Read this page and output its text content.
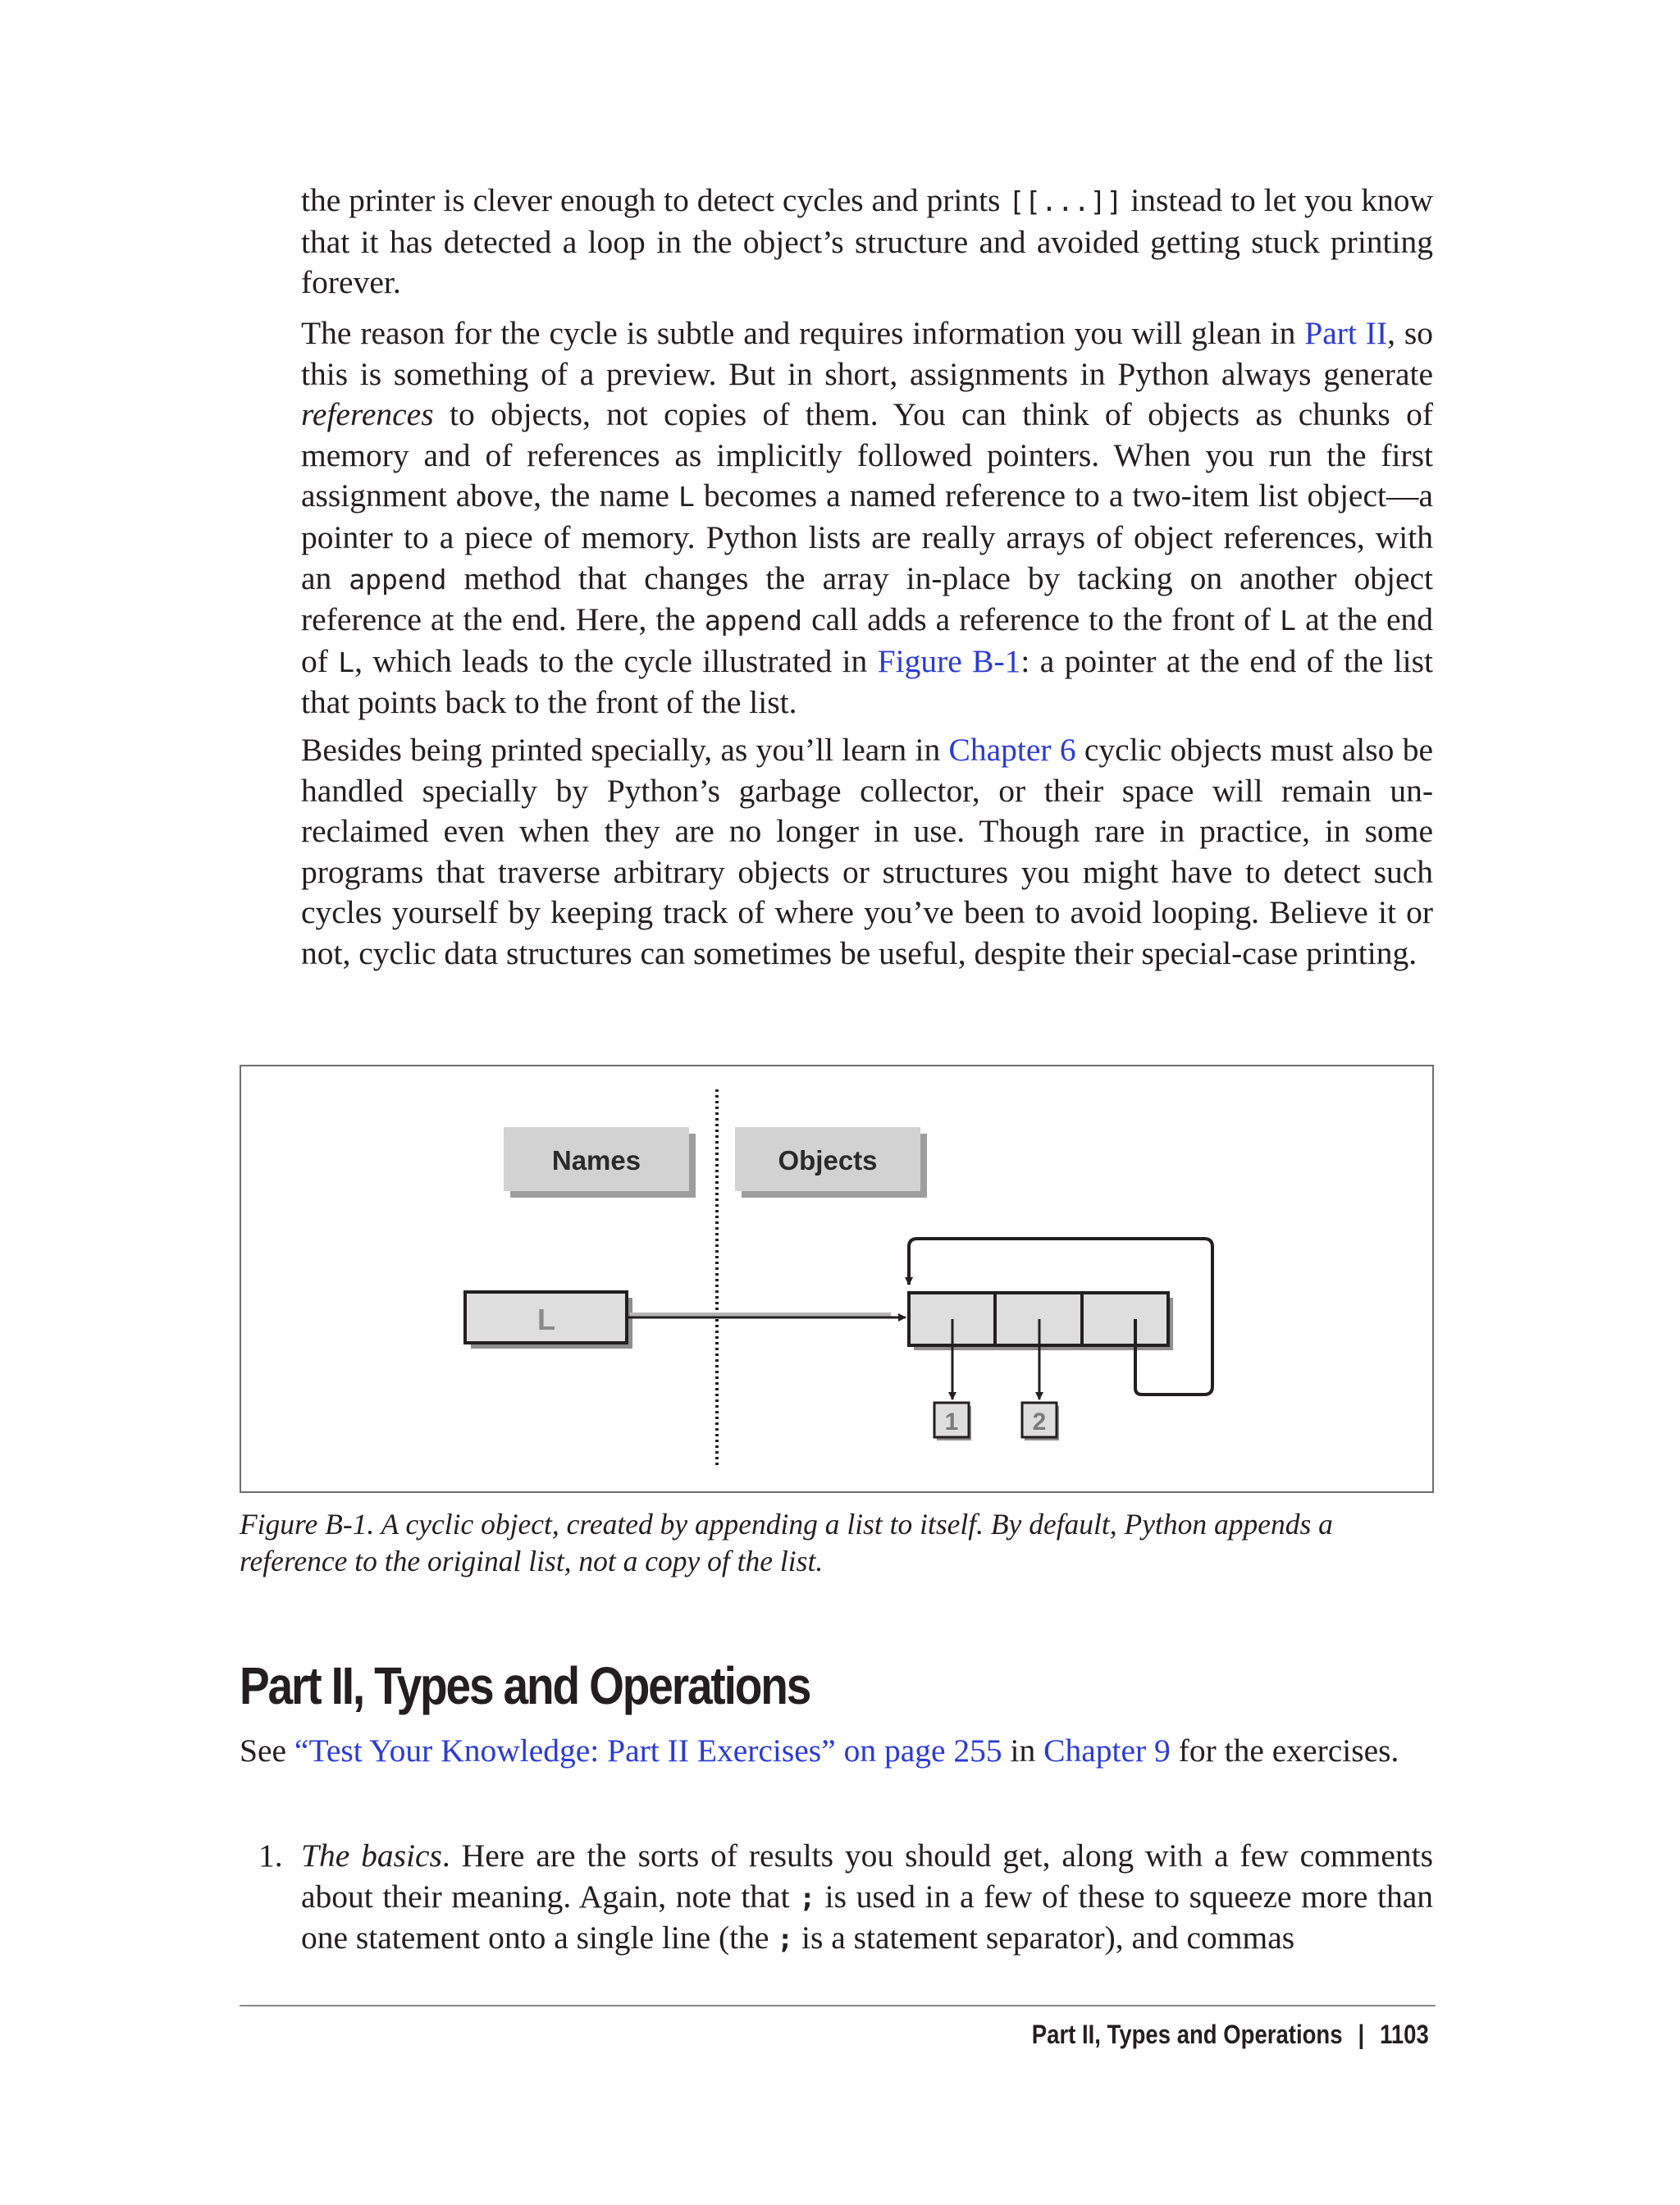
the printer is clever enough to detect cycles and prints [[...]] instead to let you know that it has detected a loop in the object’s structure and avoided getting stuck printing forever.

The reason for the cycle is subtle and requires information you will glean in Part II, so this is something of a preview. But in short, assignments in Python always generate references to objects, not copies of them. You can think of objects as chunks of memory and of references as implicitly followed pointers. When you run the first assignment above, the name L becomes a named reference to a two-item list object—a pointer to a piece of memory. Python lists are really arrays of object references, with an append method that changes the array in-place by tacking on another object reference at the end. Here, the append call adds a reference to the front of L at the end of L, which leads to the cycle illustrated in Figure B-1: a pointer at the end of the list that points back to the front of the list.

Besides being printed specially, as you’ll learn in Chapter 6 cyclic objects must also be handled specially by Python’s garbage collector, or their space will remain un-reclaimed even when they are no longer in use. Though rare in practice, in some programs that traverse arbitrary objects or structures you might have to detect such cycles yourself by keeping track of where you’ve been to avoid looping. Believe it or not, cyclic data structures can sometimes be useful, despite their special-case printing.

Names	Objects
L
1	2

Figure B-1. A cyclic object, created by appending a list to itself. By default, Python appends a reference to the original list, not a copy of the list.

Part II, Types and Operations

See “Test Your Knowledge: Part II Exercises” on page 255 in Chapter 9 for the exercises.

1. The basics. Here are the sorts of results you should get, along with a few comments about their meaning. Again, note that ; is used in a few of these to squeeze more than one statement onto a single line (the ; is a statement separator), and commas

Part II, Types and Operations | 1103
